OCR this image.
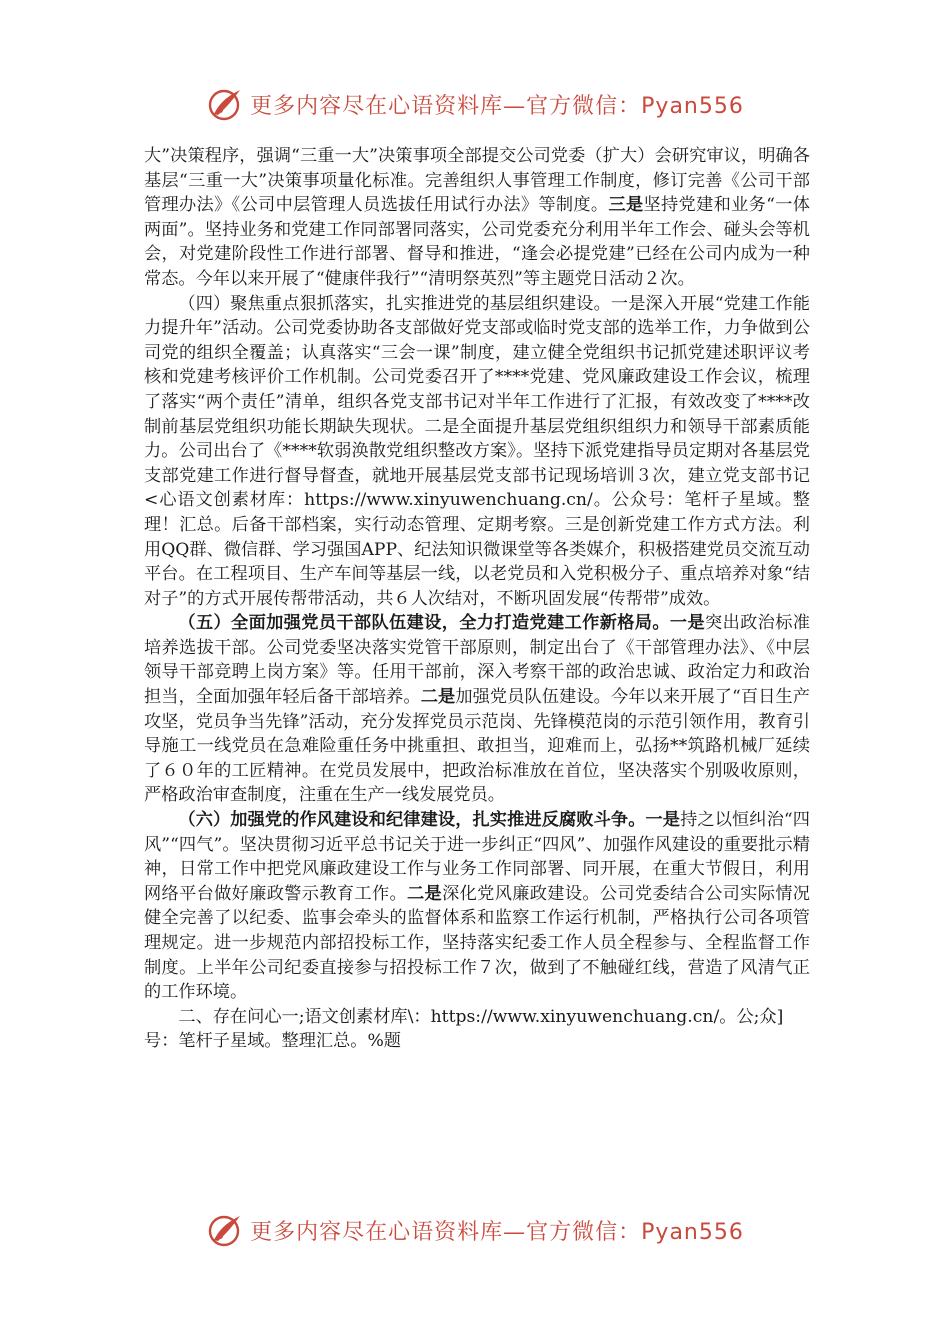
更多内容尽在心语资料库—官方微信：Pyan556

大”决策程序，强调“三重一大”决策事项全部提交公司党委（扩大）会研究审议，明确各基层“三重一大”决策事项量化标准。完善组织人事管理工作制度，修订完善《公司干部管理办法》《公司中层管理人员选拔任用试行办法》等制度。三是坚持党建和业务“一体两面”。坚持业务和党建工作同部署同落实，公司党委充分利用半年工作会、碰头会等机会，对党建阶段性工作进行部署、督导和推进，“逢会必提党建”已经在公司内成为一种常态。今年以来开展了“健康伴我行”“清明祭英烈”等主题党日活动２次。

（四）聚焦重点狠抓落实，扎实推进党的基层组织建设。一是深入开展“党建工作能力提升年”活动。公司党委协助各支部做好党支部或临时党支部的选举工作，力争做到公司党的组织全覆盖；认真落实“三会一课”制度，建立健全党组织书记抓党建述职评议考核和党建考核评价工作机制。公司党委召开了****党建、党风廉政建设工作会议，梳理了落实“两个责任”清单，组织各党支部书记对半年工作进行了汇报，有效改变了****改制前基层党组织功能长期缺失现状。二是全面提升基层党组织组织力和领导干部素质能力。公司出台了《****软弱涣散党组织整改方案》。坚持下派党建指导员定期对各基层党支部党建工作进行督导督查，就地开展基层党支部书记现场培训３次，建立党支部书记<心语文创素材库：https://www.xinyuwenchuang.cn/。公众号：笔杆子星域。整理！汇总。后备干部档案，实行动态管理、定期考察。三是创新党建工作方式方法。利用QQ群、微信群、学习强国APP、纪法知识微课堂等各类媒介，积极搭建党员交流互动平台。在工程项目、生产车间等基层一线，以老党员和入党积极分子、重点培养对象“结对子”的方式开展传帮带活动，共６人次结对，不断巩固发展“传帮带”成效。

（五）全面加强党员干部队伍建设，全力打造党建工作新格局。一是突出政治标准培养选拔干部。公司党委坚决落实党管干部原则，制定出台了《干部管理办法》、《中层领导干部竞聘上岗方案》等。任用干部前，深入考察干部的政治忠诚、政治定力和政治担当，全面加强年轻后备干部培养。二是加强党员队伍建设。今年以来开展了“百日生产攻坚，党员争当先锋”活动，充分发挥党员示范岗、先锋模范岗的示范引领作用，教育引导施工一线党员在急难险重任务中挑重担、敢担当，迎难而上，弘扬**筑路机械厂延续了６０年的工匠精神。在党员发展中，把政治标准放在首位，坚决落实个别吸收原则，严格政治审查制度，注重在生产一线发展党员。

（六）加强党的作风建设和纪律建设，扎实推进反腐败斗争。一是持之以恒纠治“四风”“四气”。坚决贯彻习近平总书记关于进一步纠正“四风”、加强作风建设的重要批示精神，日常工作中把党风廉政建设工作与业务工作同部署、同开展，在重大节假日，利用网络平台做好廉政警示教育工作。二是深化党风廉政建设。公司党委结合公司实际情况健全完善了以纪委、监事会牵头的监督体系和监察工作运行机制，严格执行公司各项管理规定。进一步规范内部招投标工作，坚持落实纪委工作人员全程参与、全程监督工作制度。上半年公司纪委直接参与招投标工作７次，做到了不触碰红线，营造了风清气正的工作环境。

二、存在问心一;语文创素材库\：https://www.xinyuwenchuang.cn/。公;众]号：笔杆子星域。整理汇总。%题

更多内容尽在心语资料库—官方微信：Pyan556
